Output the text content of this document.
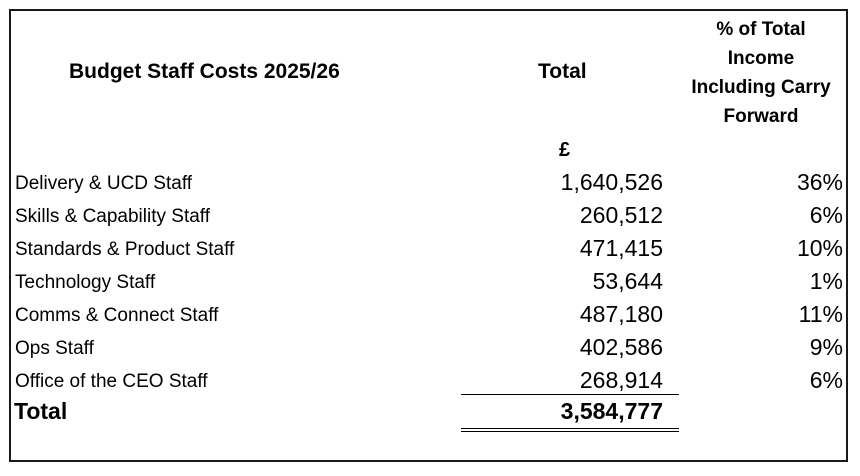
Budget Staff Costs 2025/26	Total
% of Total
Income
Including Carry
Forward
£
Delivery & UCD Staff	1,640,526	36%
Skills & Capability Staff	260,512	6%
Standards & Product Staff	471,415	10%
Technology Staff	53,644	1%
Comms & Connect Staff	487,180	11%
Ops Staff	402,586	9%
Office of the CEO Staff	268,914	6%
Total	3,584,777
